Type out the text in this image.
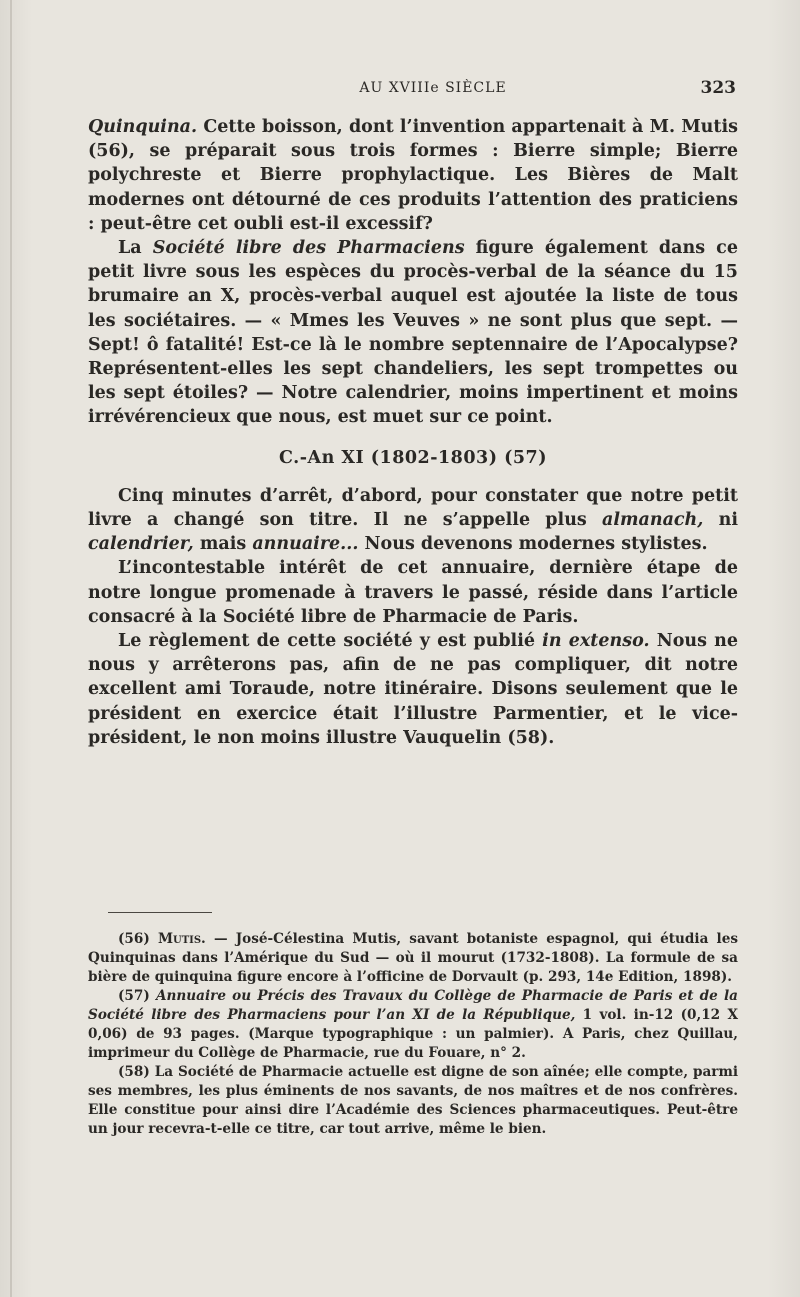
AU XVIIIe SIÈCLE	323

Quinquina. Cette boisson, dont l’invention appartenait à M. Mutis (56), se préparait sous trois formes : Bierre simple; Bierre polychreste et Bierre prophylactique. Les Bières de Malt modernes ont détourné de ces produits l’attention des praticiens : peut-être cet oubli est-il excessif?

La Société libre des Pharmaciens figure également dans ce petit livre sous les espèces du procès-verbal de la séance du 15 brumaire an X, procès-verbal auquel est ajoutée la liste de tous les sociétaires. — « Mmes les Veuves » ne sont plus que sept. — Sept! ô fatalité! Est-ce là le nombre septennaire de l’Apocalypse? Représentent-elles les sept chandeliers, les sept trompettes ou les sept étoiles? — Notre calendrier, moins impertinent et moins irrévérencieux que nous, est muet sur ce point.

C.-An XI (1802-1803) (57)

Cinq minutes d’arrêt, d’abord, pour constater que notre petit livre a changé son titre. Il ne s’appelle plus almanach, ni calendrier, mais annuaire... Nous devenons modernes stylistes.

L’incontestable intérêt de cet annuaire, dernière étape de notre longue promenade à travers le passé, réside dans l’article consacré à la Société libre de Pharmacie de Paris.

Le règlement de cette société y est publié in extenso. Nous ne nous y arrêterons pas, afin de ne pas compliquer, dit notre excellent ami Toraude, notre itinéraire. Disons seulement que le président en exercice était l’illustre Parmentier, et le vice-président, le non moins illustre Vauquelin (58).

(56) Mutis. — José-Célestina Mutis, savant botaniste espagnol, qui étudia les Quinquinas dans l’Amérique du Sud — où il mourut (1732-1808). La formule de sa bière de quinquina figure encore à l’officine de Dorvault (p. 293, 14e Edition, 1898).

(57) Annuaire ou Précis des Travaux du Collège de Pharmacie de Paris et de la Société libre des Pharmaciens pour l’an XI de la République, 1 vol. in-12 (0,12 X 0,06) de 93 pages. (Marque typographique : un palmier). A Paris, chez Quillau, imprimeur du Collège de Pharmacie, rue du Fouare, n° 2.

(58) La Société de Pharmacie actuelle est digne de son aînée; elle compte, parmi ses membres, les plus éminents de nos savants, de nos maîtres et de nos confrères. Elle constitue pour ainsi dire l’Académie des Sciences pharmaceutiques. Peut-être un jour recevra-t-elle ce titre, car tout arrive, même le bien.
